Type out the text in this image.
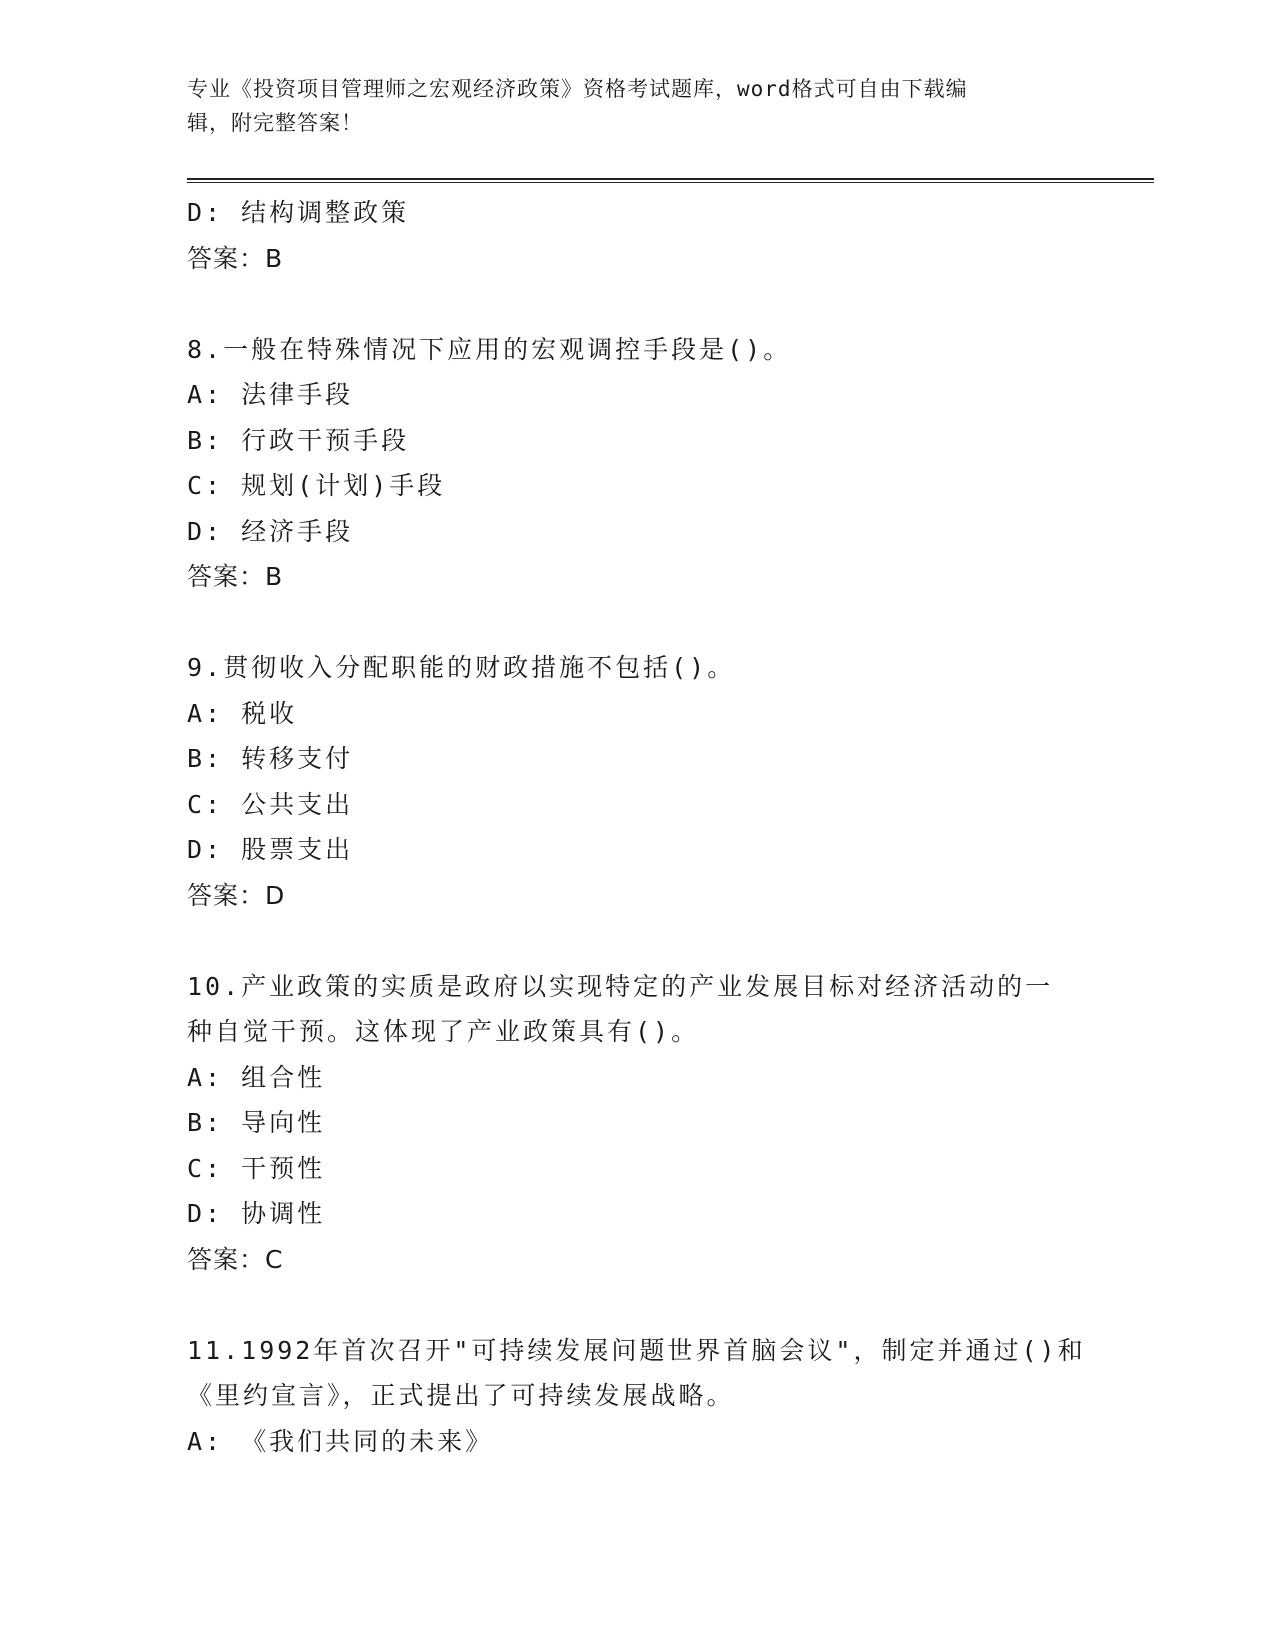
专业《投资项目管理师之宏观经济政策》资格考试题库，word格式可自由下载编
辑，附完整答案！
D: 结构调整政策
答案：B
8.一般在特殊情况下应用的宏观调控手段是()。
A: 法律手段
B: 行政干预手段
C: 规划(计划)手段
D: 经济手段
答案：B
9.贯彻收入分配职能的财政措施不包括()。
A: 税收
B: 转移支付
C: 公共支出
D: 股票支出
答案：D
10.产业政策的实质是政府以实现特定的产业发展目标对经济活动的一
种自觉干预。这体现了产业政策具有()。
A: 组合性
B: 导向性
C: 干预性
D: 协调性
答案：C
11.1992年首次召开"可持续发展问题世界首脑会议"，制定并通过()和
《里约宣言》，正式提出了可持续发展战略。
A: 《我们共同的未来》
